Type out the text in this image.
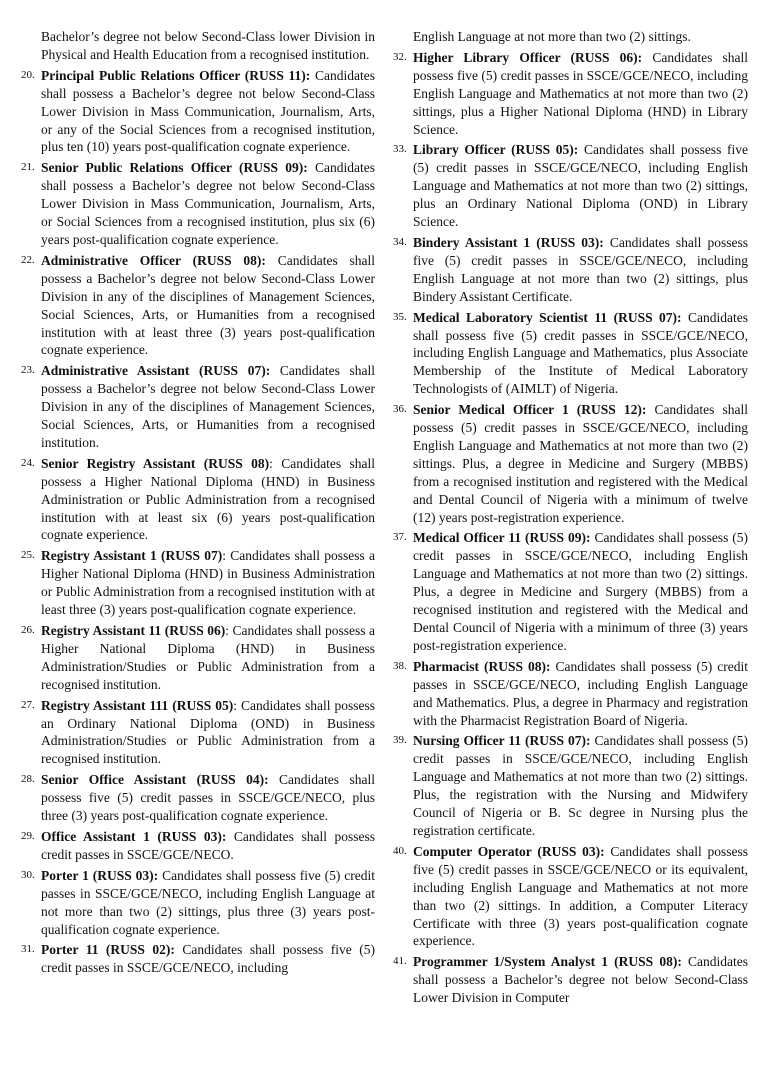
Bachelor’s degree not below Second-Class lower Division in Physical and Health Education from a recognised institution.

20. Principal Public Relations Officer (RUSS 11): Candidates shall possess a Bachelor’s degree not below Second-Class Lower Division in Mass Communication, Journalism, Arts, or any of the Social Sciences from a recognised institution, plus ten (10) years post-qualification cognate experience.

21. Senior Public Relations Officer (RUSS 09): Candidates shall possess a Bachelor’s degree not below Second-Class Lower Division in Mass Communication, Journalism, Arts, or Social Sciences from a recognised institution, plus six (6) years post-qualification cognate experience.

22. Administrative Officer (RUSS 08): Candidates shall possess a Bachelor’s degree not below Second-Class Lower Division in any of the disciplines of Management Sciences, Social Sciences, Arts, or Humanities from a recognised institution with at least three (3) years post-qualification cognate experience.

23. Administrative Assistant (RUSS 07): Candidates shall possess a Bachelor’s degree not below Second-Class Lower Division in any of the disciplines of Management Sciences, Social Sciences, Arts, or Humanities from a recognised institution.

24. Senior Registry Assistant (RUSS 08): Candidates shall possess a Higher National Diploma (HND) in Business Administration or Public Administration from a recognised institution with at least six (6) years post-qualification cognate experience.

25. Registry Assistant 1 (RUSS 07): Candidates shall possess a Higher National Diploma (HND) in Business Administration or Public Administration from a recognised institution with at least three (3) years post-qualification cognate experience.

26. Registry Assistant 11 (RUSS 06): Candidates shall possess a Higher National Diploma (HND) in Business Administration/Studies or Public Administration from a recognised institution.

27. Registry Assistant 111 (RUSS 05): Candidates shall possess an Ordinary National Diploma (OND) in Business Administration/Studies or Public Administration from a recognised institution.

28. Senior Office Assistant (RUSS 04): Candidates shall possess five (5) credit passes in SSCE/GCE/NECO, plus three (3) years post-qualification cognate experience.

29. Office Assistant 1 (RUSS 03): Candidates shall possess credit passes in SSCE/GCE/NECO.

30. Porter 1 (RUSS 03): Candidates shall possess five (5) credit passes in SSCE/GCE/NECO, including English Language at not more than two (2) sittings, plus three (3) years post-qualification cognate experience.

31. Porter 11 (RUSS 02): Candidates shall possess five (5) credit passes in SSCE/GCE/NECO, including

English Language at not more than two (2) sittings.

32. Higher Library Officer (RUSS 06): Candidates shall possess five (5) credit passes in SSCE/GCE/NECO, including English Language and Mathematics at not more than two (2) sittings, plus a Higher National Diploma (HND) in Library Science.

33. Library Officer (RUSS 05): Candidates shall possess five (5) credit passes in SSCE/GCE/NECO, including English Language and Mathematics at not more than two (2) sittings, plus an Ordinary National Diploma (OND) in Library Science.

34. Bindery Assistant 1 (RUSS 03): Candidates shall possess five (5) credit passes in SSCE/GCE/NECO, including English Language at not more than two (2) sittings, plus Bindery Assistant Certificate.

35. Medical Laboratory Scientist 11 (RUSS 07): Candidates shall possess five (5) credit passes in SSCE/GCE/NECO, including English Language and Mathematics, plus Associate Membership of the Institute of Medical Laboratory Technologists of (AIMLT) of Nigeria.

36. Senior Medical Officer 1 (RUSS 12): Candidates shall possess (5) credit passes in SSCE/GCE/NECO, including English Language and Mathematics at not more than two (2) sittings. Plus, a degree in Medicine and Surgery (MBBS) from a recognised institution and registered with the Medical and Dental Council of Nigeria with a minimum of twelve (12) years post-registration experience.

37. Medical Officer 11 (RUSS 09): Candidates shall possess (5) credit passes in SSCE/GCE/NECO, including English Language and Mathematics at not more than two (2) sittings. Plus, a degree in Medicine and Surgery (MBBS) from a recognised institution and registered with the Medical and Dental Council of Nigeria with a minimum of three (3) years post-registration experience.

38. Pharmacist (RUSS 08): Candidates shall possess (5) credit passes in SSCE/GCE/NECO, including English Language and Mathematics. Plus, a degree in Pharmacy and registration with the Pharmacist Registration Board of Nigeria.

39. Nursing Officer 11 (RUSS 07): Candidates shall possess (5) credit passes in SSCE/GCE/NECO, including English Language and Mathematics at not more than two (2) sittings. Plus, the registration with the Nursing and Midwifery Council of Nigeria or B. Sc degree in Nursing plus the registration certificate.

40. Computer Operator (RUSS 03): Candidates shall possess five (5) credit passes in SSCE/GCE/NECO or its equivalent, including English Language and Mathematics at not more than two (2) sittings. In addition, a Computer Literacy Certificate with three (3) years post-qualification cognate experience.

41. Programmer 1/System Analyst 1 (RUSS 08): Candidates shall possess a Bachelor’s degree not below Second-Class Lower Division in Computer
